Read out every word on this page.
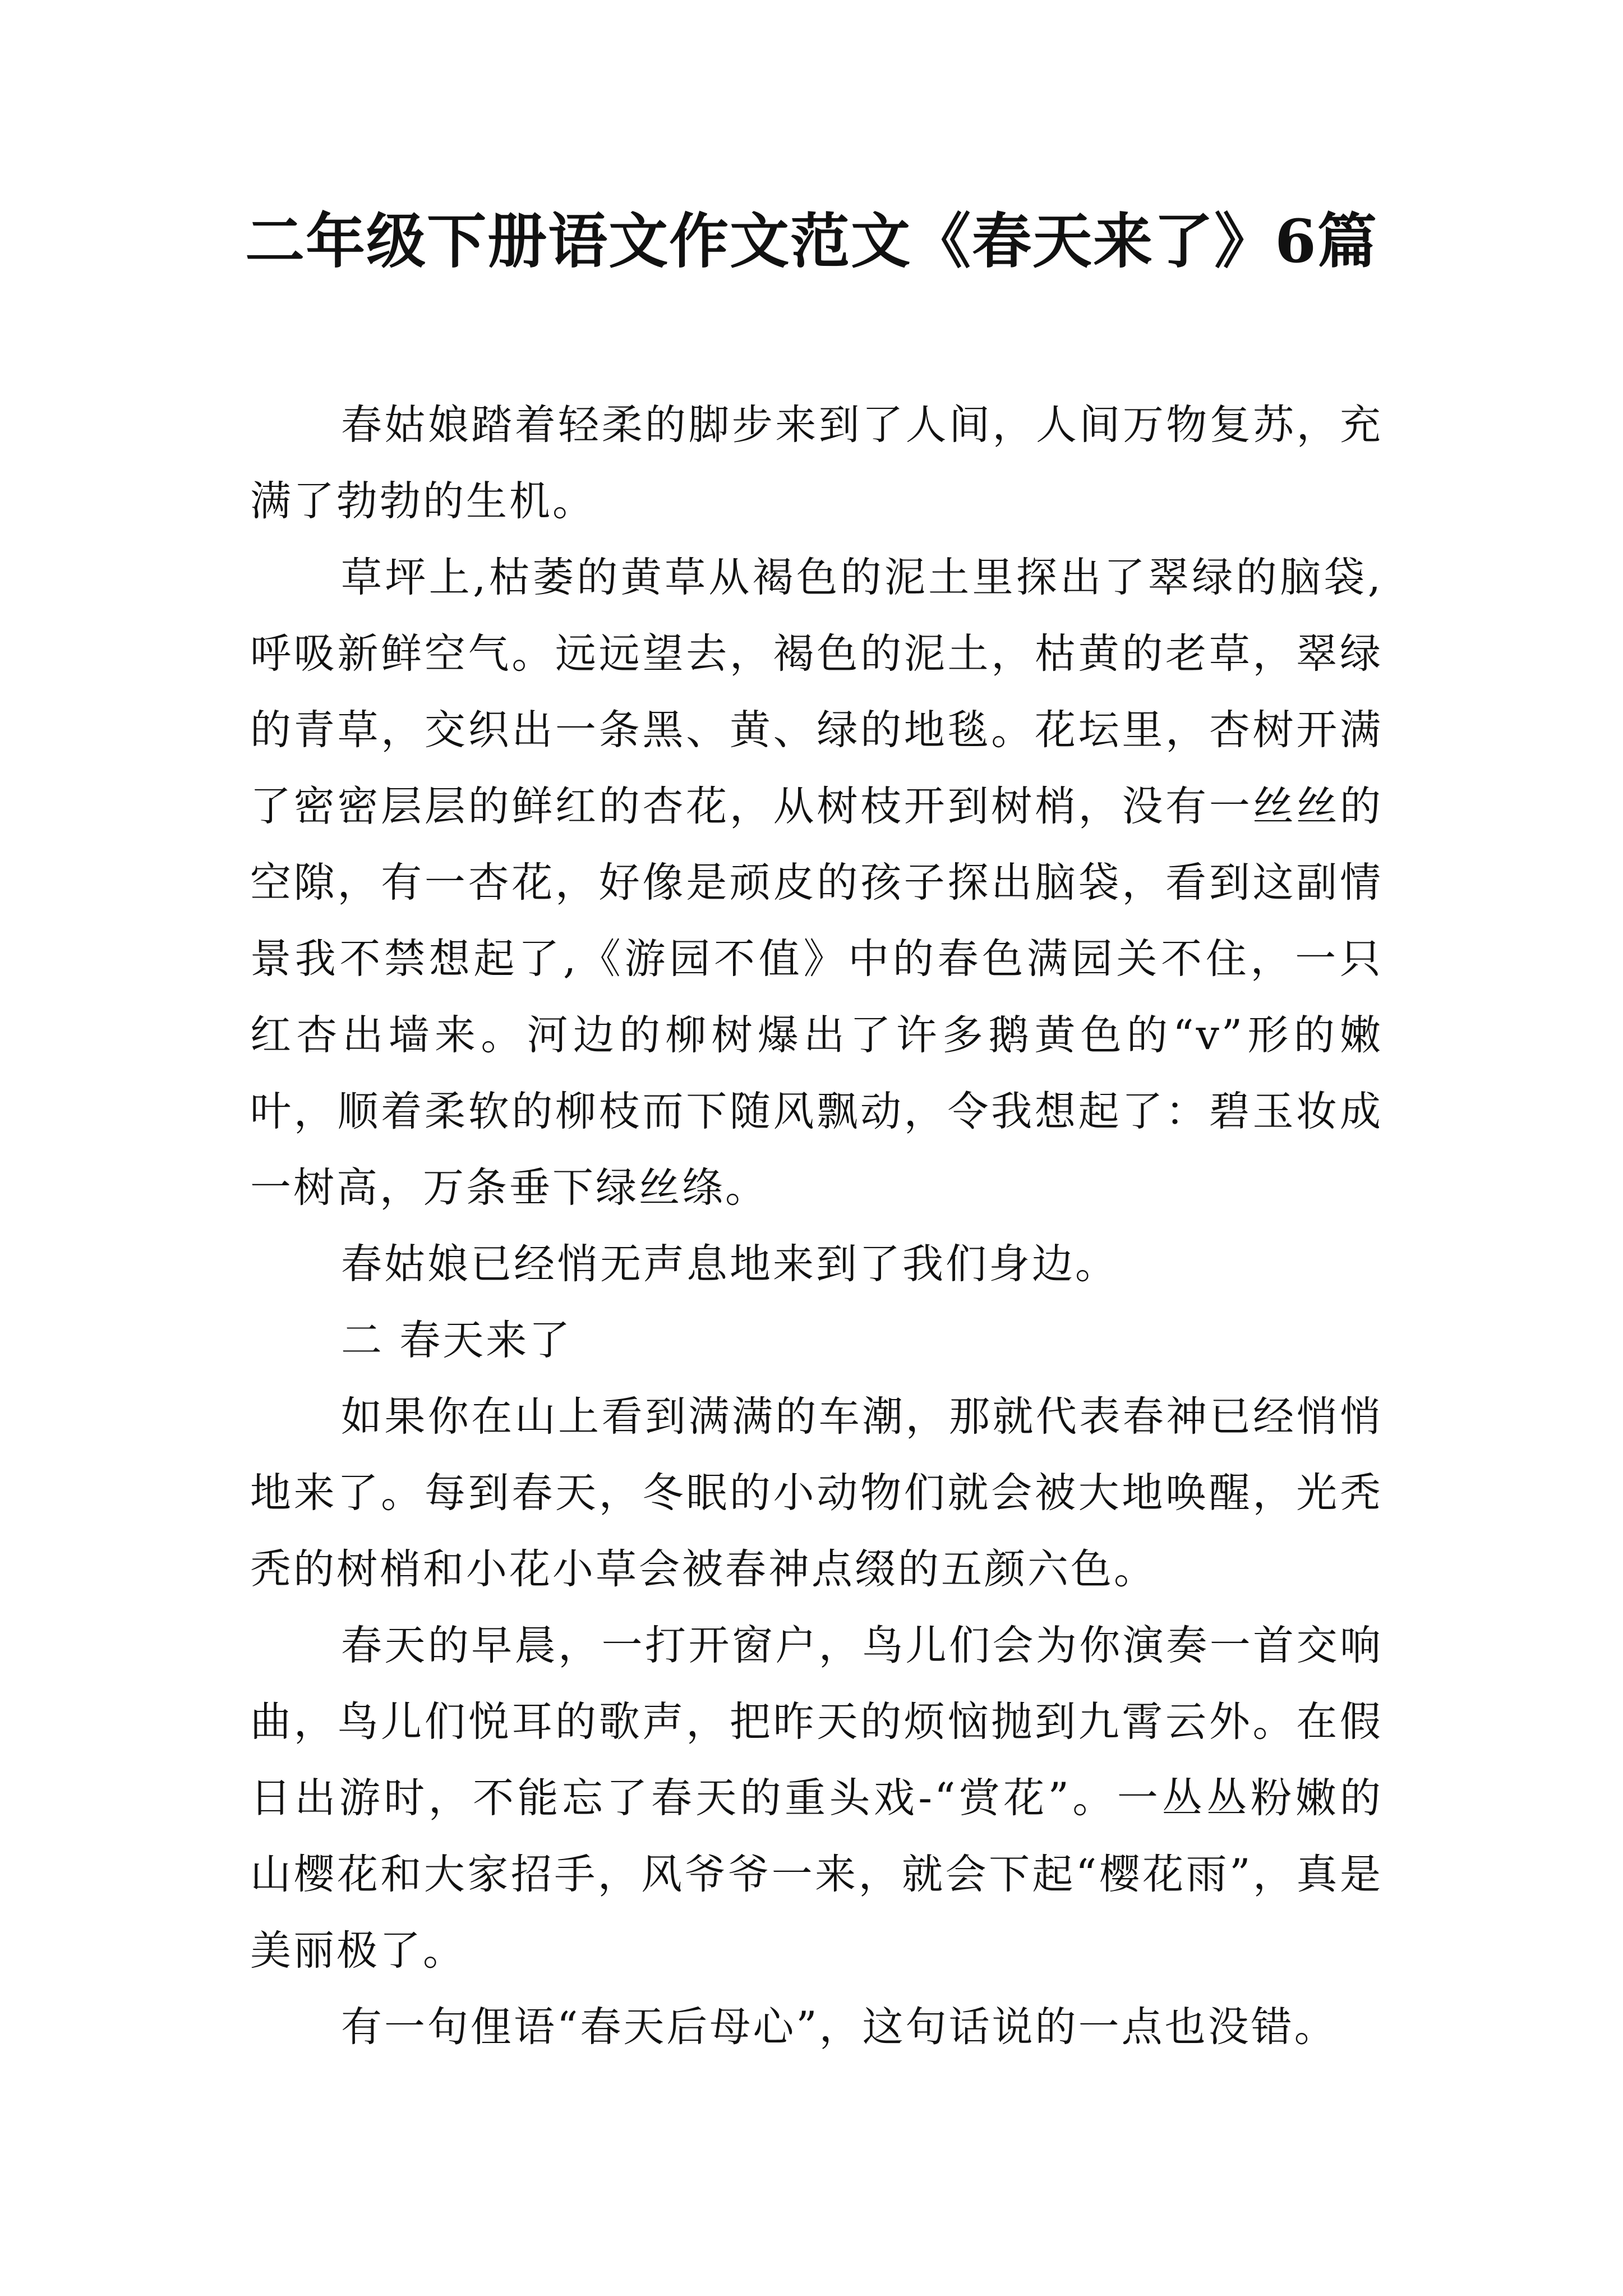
二年级下册语文作文范文《春天来了》6篇

春姑娘踏着轻柔的脚步来到了人间，人间万物复苏，充满了勃勃的生机。

草坪上,枯萎的黄草从褐色的泥土里探出了翠绿的脑袋,呼吸新鲜空气。远远望去，褐色的泥土，枯黄的老草，翠绿的青草，交织出一条黑、黄、绿的地毯。花坛里，杏树开满了密密层层的鲜红的杏花，从树枝开到树梢，没有一丝丝的空隙，有一杏花，好像是顽皮的孩子探出脑袋，看到这副情景我不禁想起了,《游园不值》中的春色满园关不住，一只红杏出墙来。河边的柳树爆出了许多鹅黄色的“v”形的嫩叶，顺着柔软的柳枝而下随风飘动，令我想起了：碧玉妆成一树高，万条垂下绿丝绦。

春姑娘已经悄无声息地来到了我们身边。

二 春天来了

如果你在山上看到满满的车潮，那就代表春神已经悄悄地来了。每到春天，冬眠的小动物们就会被大地唤醒，光秃秃的树梢和小花小草会被春神点缀的五颜六色。

春天的早晨，一打开窗户，鸟儿们会为你演奏一首交响曲，鸟儿们悦耳的歌声，把昨天的烦恼抛到九霄云外。在假日出游时，不能忘了春天的重头戏-“赏花”。一丛丛粉嫩的山樱花和大家招手，风爷爷一来，就会下起“樱花雨”，真是美丽极了。

有一句俚语“春天后母心”，这句话说的一点也没错。
